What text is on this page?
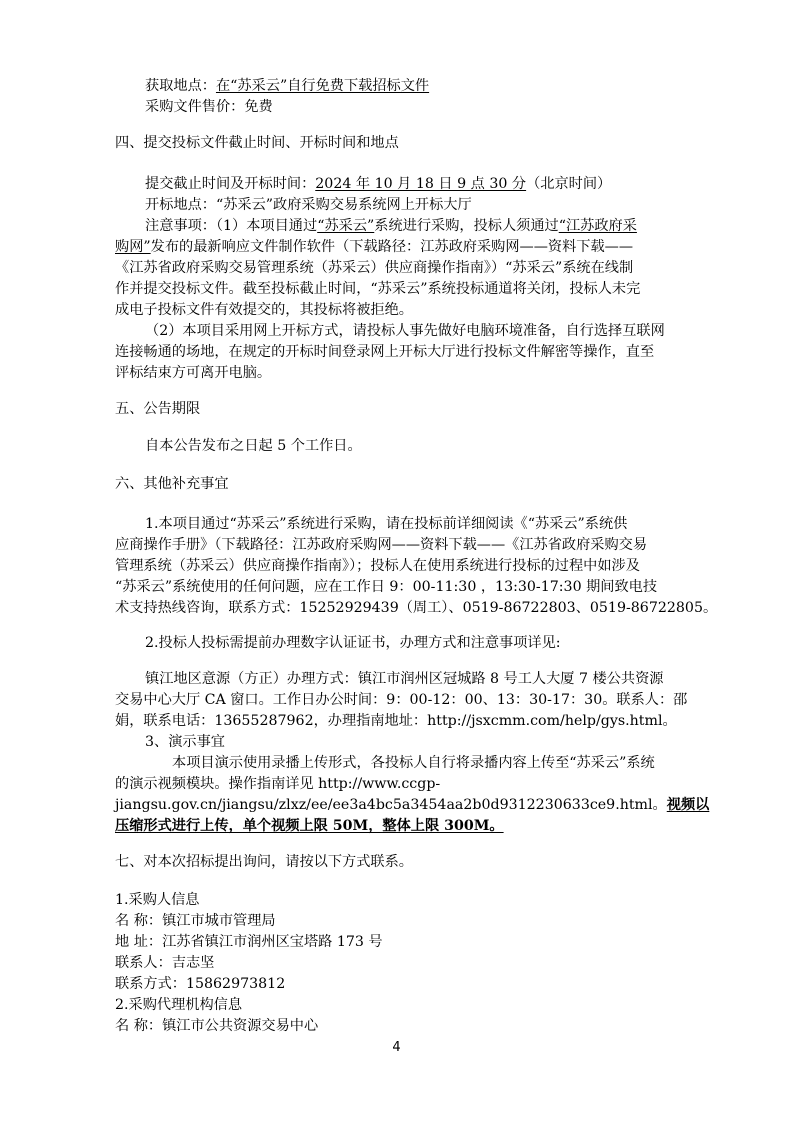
获取地点：在“苏采云”自行免费下载招标文件
采购文件售价：免费
四、提交投标文件截止时间、开标时间和地点
提交截止时间及开标时间：2024 年 10 月 18 日 9 点 30 分（北京时间）
开标地点：“苏采云”政府采购交易系统网上开标大厅
注意事项：（1）本项目通过“苏采云”系统进行采购，投标人须通过“江苏政府采
购网”发布的最新响应文件制作软件（下载路径：江苏政府采购网——资料下载——
《江苏省政府采购交易管理系统（苏采云）供应商操作指南》）“苏采云”系统在线制
作并提交投标文件。截至投标截止时间，“苏采云”系统投标通道将关闭，投标人未完
成电子投标文件有效提交的，其投标将被拒绝。
（2）本项目采用网上开标方式，请投标人事先做好电脑环境准备，自行选择互联网
连接畅通的场地，在规定的开标时间登录网上开标大厅进行投标文件解密等操作，直至
评标结束方可离开电脑。
五、公告期限
自本公告发布之日起 5 个工作日。
六、其他补充事宜
1.本项目通过“苏采云”系统进行采购，请在投标前详细阅读《“苏采云”系统供
应商操作手册》（下载路径：江苏政府采购网——资料下载——《江苏省政府采购交易
管理系统（苏采云）供应商操作指南》）；投标人在使用系统进行投标的过程中如涉及
“苏采云”系统使用的任何问题，应在工作日 9：00-11:30 ，13:30-17:30 期间致电技
术支持热线咨询，联系方式：15252929439（周工）、0519-86722803、0519-86722805。
2.投标人投标需提前办理数字认证证书，办理方式和注意事项详见:
镇江地区意源（方正）办理方式：镇江市润州区冠城路 8 号工人大厦 7 楼公共资源
交易中心大厅 CA 窗口。工作日办公时间：9：00-12：00、13：30-17：30。联系人：邵
娟，联系电话：13655287962，办理指南地址：http://jsxcmm.com/help/gys.html。
3、演示事宜
本项目演示使用录播上传形式，各投标人自行将录播内容上传至“苏采云”系统
的演示视频模块。操作指南详见 http://www.ccgp-
jiangsu.gov.cn/jiangsu/zlxz/ee/ee3a4bc5a3454aa2b0d9312230633ce9.html。视频以
压缩形式进行上传，单个视频上限 50M，整体上限 300M。
七、对本次招标提出询问，请按以下方式联系。
1.采购人信息
名 称：镇江市城市管理局
地 址：江苏省镇江市润州区宝塔路 173 号
联系人：吉志坚
联系方式：15862973812
2.采购代理机构信息
名 称：镇江市公共资源交易中心
4
